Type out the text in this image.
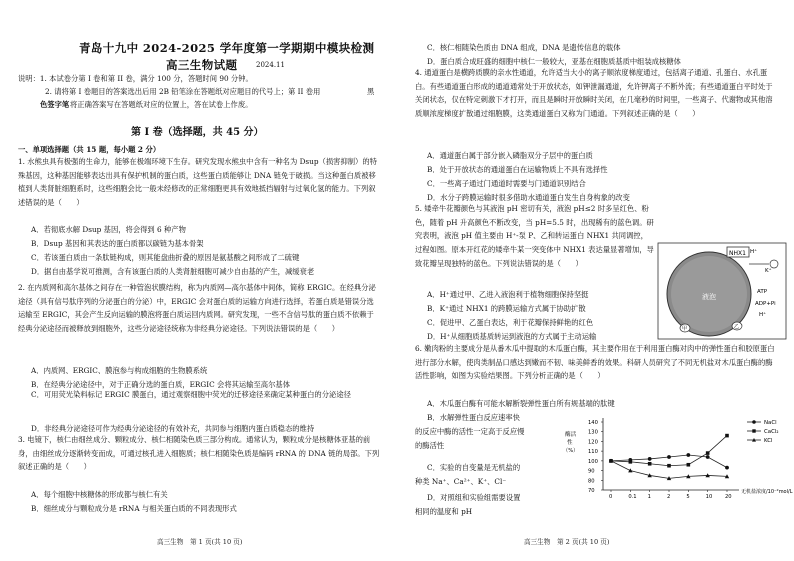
青岛十九中 2024-2025 学年度第一学期期中模块检测
高三生物试题	2024.11
说明：1. 本试卷分第 I 卷和第 II 卷，满分 100 分，答题时间 90 分钟。
2. 请将第 I 卷题目的答案选出后用 2B 铅笔涂在答题纸对应题目的代号上；第 II 卷用	黑
色签字笔 将正确答案写在答题纸对应的位置上，答在试卷上作废。
第 I 卷（选择题，共 45 分）
一、单项选择题（共 15 题，每小题 2 分）
1. 水熊虫具有极强的生命力，能够在极端环境下生存。研究发现水熊虫中含有一种名为 Dsup（损害抑制）的特殊基因，这种基因能够表达出具有保护机制的蛋白质，这些蛋白质能够让 DNA 链免于破损。当这种蛋白质被移植到人类肾脏细胞系时，这些细胞会比一般未经修改的正常细胞更具有效地抵挡辐射与过氧化氢的能力。下列叙述错误的是（　　）
A．若彻底水解 Dsup 基因，将会得到 6 种产物
B．Dsup 基因和其表达的蛋白质都以碳链为基本骨架
C．若该蛋白质由一条肽链构成，则其能盘曲折叠的原因是氨基酸之间形成了二硫键
D．据自由基学说可推测，含有该蛋白质的人类肾脏细胞可减少自由基的产生，减缓衰老
2. 在内质网和高尔基体之间存在一种管泡状膜结构，称为内质网—高尔基体中间体，简称 ERGIC。在经典分泌途径（具有信号肽序列的分泌蛋白的分泌）中，ERGIC 会对蛋白质的运输方向进行选择，若蛋白质是错误分选运输至 ERGIC，其会产生反向运输的膜泡将蛋白质运回内质网。研究发现，一些不含信号肽的蛋白质不依赖于经典分泌途径而被释放到细胞外，这些分泌途径统称为非经典分泌途径。下列说法错误的是（　　）
A．内质网、ERGIC、膜泡参与构成细胞的生物膜系统
B．在经典分泌途径中，对于正确分选的蛋白质，ERGIC 会将其运输至高尔基体
C．可用荧光染料标记 ERGIC 膜蛋白，通过观察细胞中荧光的迁移途径来确定某种蛋白的分泌途径
D．非经典分泌途径可作为经典分泌途径的有效补充，共同参与细胞内蛋白质稳态的维持
3. 电镜下，核仁由细丝成分、颗粒成分、核仁相随染色质三部分构成。通常认为，颗粒成分是核糖体亚基的前身，由细丝成分逐渐转变而成，可通过核孔进入细胞质；核仁相随染色质是编码 rRNA 的 DNA 链的局部。下列叙述正确的是（　　）
A．每个细胞中核糖体的形成都与核仁有关
B．细丝成分与颗粒成分是 rRNA 与相关蛋白质的不同表现形式
高三生物　第 1 页(共 10 页)
C．核仁相随染色质由 DNA 组成，DNA 是遗传信息的载体
D．蛋白质合成旺盛的细胞中核仁一般较大，亚基在细胞质基质中组装成核糖体
4. 通道蛋白是横跨质膜的亲水性通道，允许适当大小的离子顺浓度梯度通过，包括离子通道、孔蛋白、水孔蛋白。有些通道蛋白形成的通道通常处于开放状态，如钾泄漏通道，允许钾离子不断外流；有些通道蛋白平时处于关闭状态，仅在特定刺激下才打开，而且是瞬时开放瞬时关闭，在几毫秒的时间里，一些离子、代谢物或其他溶质顺浓度梯度扩散通过细胞膜，这类通道蛋白又称为门通道。下列叙述正确的是（　　）
A．通道蛋白属于部分嵌入磷脂双分子层中的蛋白质
B．处于开放状态的通道蛋白在运输物质上不具有选择性
C．一些离子通过门通道时需要与门通道识别结合
D．水分子跨膜运输时很多借助水通道蛋白发生自身构象的改变
5. 矮牵牛花瓣颜色与其液泡 pH 密切有关，液泡 pH≤2 时多呈红色、粉色，随着 pH 升高颜色不断改变，当 pH=5.5 时，出现稀有的蓝色调。研究表明，液泡 pH 值主要由 H⁺-泵 P、乙和转运蛋白 NHX1 共同调控，过程如图。原本开红花的矮牵牛某一突变体中 NHX1 表达量显著增加，导致花瓣呈现独特的蓝色。下列说法错误的是（　　）
A．H⁺通过甲、乙进入液泡利于植物细胞保持坚挺
B．K⁺通过 NHX1 的跨膜运输方式属于协助扩散
C．促进甲、乙蛋白表达，利于花瓣保持鲜艳的红色
D．H⁺从细胞质基质转运到液泡的方式属于主动运输
液泡
NHX1 H⁺
K⁺
ATP
ADP+Pi
H⁺
甲	乙
6. 嫩肉粉的主要成分是从番木瓜中提取的木瓜蛋白酶，其主要作用在于利用蛋白酶对肉中的弹性蛋白和胶原蛋白进行部分水解，使肉类制品口感达到嫩而不韧、味美鲜香的效果。科研人员研究了不同无机盐对木瓜蛋白酶的酶活性影响，如图为实验结果图。下列分析正确的是（　　）
A．木瓜蛋白酶有可能水解断裂弹性蛋白所有规基端的肽键
B．水解弹性蛋白反应速率快
的反应中酶的活性一定高于反应慢
的酶活性
C．实验的自变量是无机盐的
种类 Na⁺、Ca²⁺、K⁺、Cl⁻
D．对照组和实验组需要设置
相同的温度和 pH
70
80
90
100
110
120
130
140
0	0.1 1	2	5	10 20
酶活
性
（%）
无机盐浓度/10⁻²mol/L
NaCl
CaCl₂
KCl
高三生物　第 2 页(共 10 页)
